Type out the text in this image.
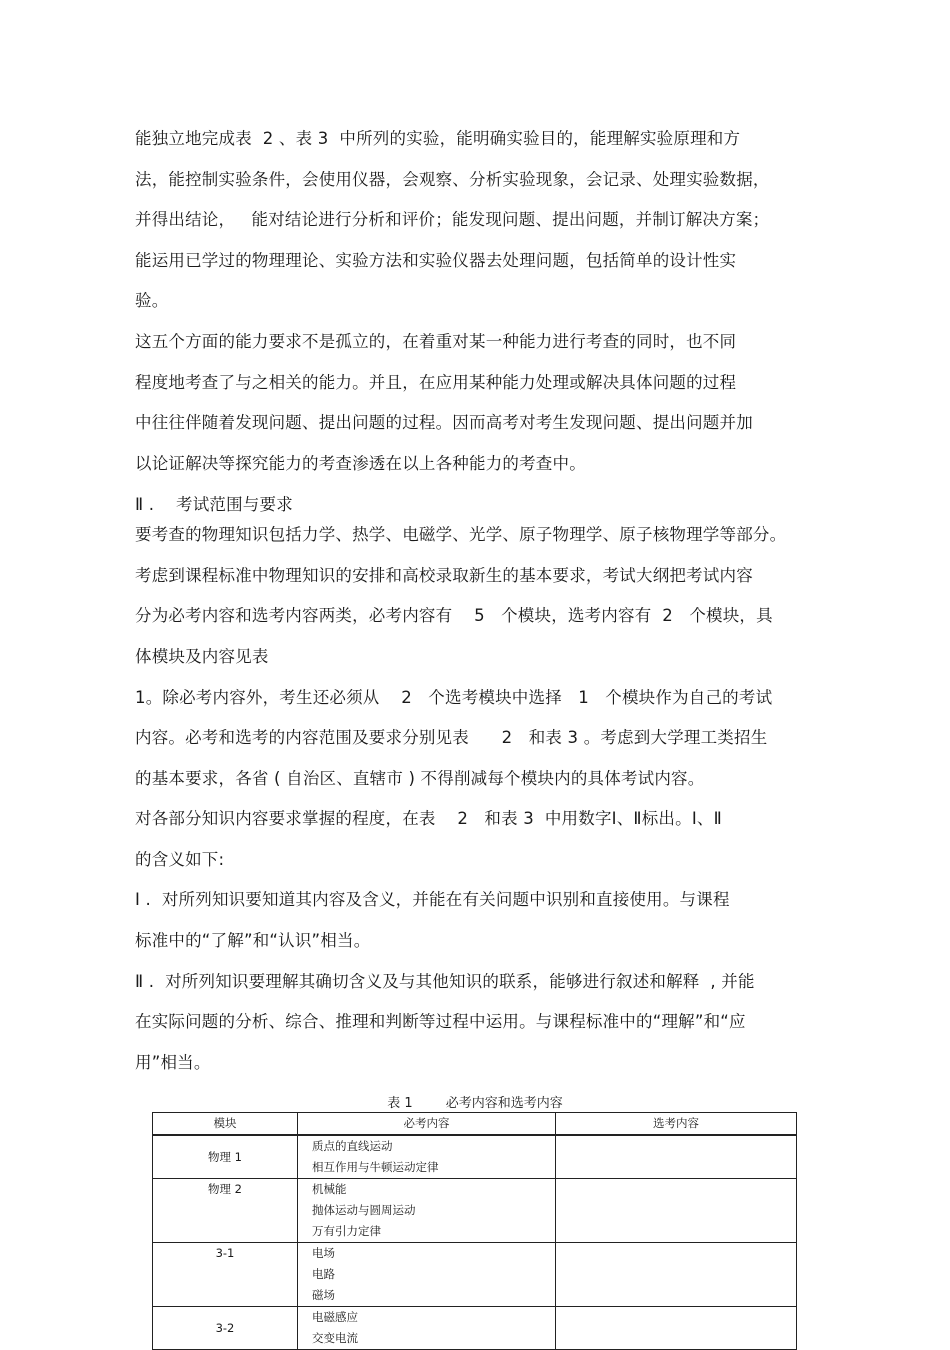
能独立地完成表  2 、表 3  中所列的实验，能明确实验目的，能理解实验原理和方
法，能控制实验条件，会使用仪器，会观察、分析实验现象，会记录、处理实验数据，
并得出结论，   能对结论进行分析和评价；能发现问题、提出问题，并制订解决方案；
能运用已学过的物理理论、实验方法和实验仪器去处理问题，包括简单的设计性实
验。
这五个方面的能力要求不是孤立的，在着重对某一种能力进行考查的同时，也不同
程度地考查了与之相关的能力。并且，在应用某种能力处理或解决具体问题的过程
中往往伴随着发现问题、提出问题的过程。因而高考对考生发现问题、提出问题并加
以论证解决等探究能力的考查渗透在以上各种能力的考查中。
Ⅱ .    考试范围与要求
要考查的物理知识包括力学、热学、电磁学、光学、原子物理学、原子核物理学等部分。
考虑到课程标准中物理知识的安排和高校录取新生的基本要求，考试大纲把考试内容
分为必考内容和选考内容两类，必考内容有    5   个模块，选考内容有  2   个模块，具
体模块及内容见表
1。除必考内容外，考生还必须从    2   个选考模块中选择   1   个模块作为自己的考试
内容。必考和选考的内容范围及要求分别见表      2   和表 3 。考虑到大学理工类招生
的基本要求，各省 ( 自治区、直辖市 ) 不得削减每个模块内的具体考试内容。
对各部分知识内容要求掌握的程度，在表    2   和表 3  中用数字Ⅰ、Ⅱ标出。Ⅰ、Ⅱ
的含义如下:
Ⅰ .  对所列知识要知道其内容及含义，并能在有关问题中识别和直接使用。与课程
标准中的“了解”和“认识”相当。
Ⅱ .  对所列知识要理解其确切含义及与其他知识的联系，能够进行叙述和解释  , 并能
在实际问题的分析、综合、推理和判断等过程中运用。与课程标准中的“理解”和“应
用”相当。
表 1        必考内容和选考内容
模块	必考内容	选考内容
物理 1	质点的直线运动
相互作用与牛顿运动定律	

物理 2	机械能
抛体运动与圆周运动
万有引力定律	

3-1	电场
电路
磁场	

3-2	电磁感应
交变电流	
